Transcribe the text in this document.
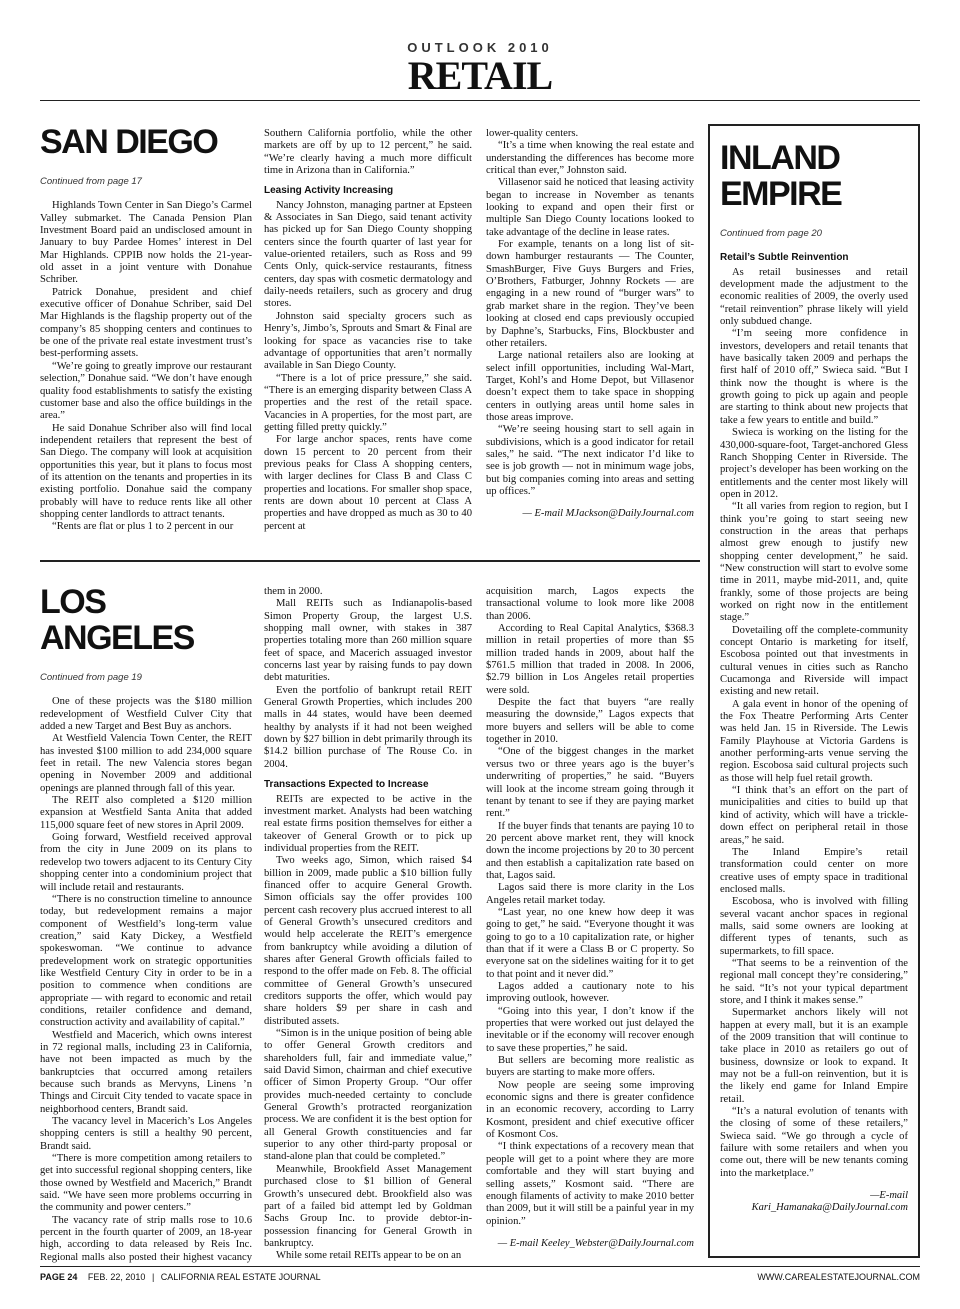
OUTLOOK 2010
RETAIL
SAN DIEGO
Continued from page 17

Highlands Town Center in San Diego’s Carmel Valley submarket. The Canada Pension Plan Investment Board paid an undisclosed amount in January to buy Pardee Homes’ interest in Del Mar Highlands. CPPIB now holds the 21-year-old asset in a joint venture with Donahue Schriber.

Patrick Donahue, president and chief executive officer of Donahue Schriber, said Del Mar Highlands is the flagship property out of the company’s 85 shopping centers and continues to be one of the private real estate investment trust’s best-performing assets.

“We’re going to greatly improve our restaurant selection,” Donahue said. “We don’t have enough quality food establishments to satisfy the existing customer base and also the office buildings in the area.”

He said Donahue Schriber also will find local independent retailers that represent the best of San Diego. The company will look at acquisition opportunities this year, but it plans to focus most of its attention on the tenants and properties in its existing portfolio. Donahue said the company probably will have to reduce rents like all other shopping center landlords to attract tenants.

“Rents are flat or plus 1 to 2 percent in our

Southern California portfolio, while the other markets are off by up to 12 percent,” he said. “We’re clearly having a much more difficult time in Arizona than in California.”

Leasing Activity Increasing

Nancy Johnston, managing partner at Epsteen & Associates in San Diego, said tenant activity has picked up for San Diego County shopping centers since the fourth quarter of last year for value-oriented retailers, such as Ross and 99 Cents Only, quick-service restaurants, fitness centers, day spas with cosmetic dermatology and daily-needs retailers, such as grocery and drug stores.

Johnston said specialty grocers such as Henry’s, Jimbo’s, Sprouts and Smart & Final are looking for space as vacancies rise to take advantage of opportunities that aren’t normally available in San Diego County.

“There is a lot of price pressure,” she said. “There is an emerging disparity between Class A properties and the rest of the retail space. Vacancies in A properties, for the most part, are getting filled pretty quickly.”

For large anchor spaces, rents have come down 15 percent to 20 percent from their previous peaks for Class A shopping centers, with larger declines for Class B and Class C properties and locations. For smaller shop space, rents are down about 10 percent at Class A properties and have dropped as much as 30 to 40 percent at

lower-quality centers.

“It’s a time when knowing the real estate and understanding the differences has become more critical than ever,” Johnston said.

Villasenor said he noticed that leasing activity began to increase in November as tenants looking to expand and open their first or multiple San Diego County locations looked to take advantage of the decline in lease rates.

For example, tenants on a long list of sit-down hamburger restaurants — The Counter, SmashBurger, Five Guys Burgers and Fries, O’Brothers, Fatburger, Johnny Rockets — are engaging in a new round of “burger wars” to grab market share in the region. They’ve been looking at closed end caps previously occupied by Daphne’s, Starbucks, Fins, Blockbuster and other retailers.

Large national retailers also are looking at select infill opportunities, including Wal-Mart, Target, Kohl’s and Home Depot, but Villasenor doesn’t expect them to take space in shopping centers in outlying areas until home sales in those areas improve.

“We’re seeing housing start to sell again in subdivisions, which is a good indicator for retail sales,” he said. “The next indicator I’d like to see is job growth — not in minimum wage jobs, but big companies coming into areas and setting up offices.”

— E-mail MJackson@DailyJournal.com
LOS ANGELES
Continued from page 19

One of these projects was the $180 million redevelopment of Westfield Culver City that added a new Target and Best Buy as anchors.

At Westfield Valencia Town Center, the REIT has invested $100 million to add 234,000 square feet in retail. The new Valencia stores began opening in November 2009 and additional openings are planned through fall of this year.

The REIT also completed a $120 million expansion at Westfield Santa Anita that added 115,000 square feet of new stores in April 2009.

Going forward, Westfield received approval from the city in June 2009 on its plans to redevelop two towers adjacent to its Century City shopping center into a condominium project that will include retail and restaurants.

“There is no construction timeline to announce today, but redevelopment remains a major component of Westfield’s long-term value creation,” said Katy Dickey, a Westfield spokeswoman. “We continue to advance predevelopment work on strategic opportunities like Westfield Century City in order to be in a position to commence when conditions are appropriate — with regard to economic and retail conditions, retailer confidence and demand, construction activity and availability of capital.”

Westfield and Macerich, which owns interest in 72 regional malls, including 23 in California, have not been impacted as much by the bankruptcies that occurred among retailers because such brands as Mervyns, Linens ’n Things and Circuit City tended to vacate space in neighborhood centers, Brandt said.

The vacancy level in Macerich’s Los Angeles shopping centers is still a healthy 90 percent, Brandt said.

“There is more competition among retailers to get into successful regional shopping centers, like those owned by Westfield and Macerich,” Brandt said. “We have seen more problems occurring in the community and power centers.”

The vacancy rate of strip malls rose to 10.6 percent in the fourth quarter of 2009, an 18-year high, according to data released by Reis Inc. Regional malls also posted their highest vacancy

them in 2000.

Mall REITs such as Indianapolis-based Simon Property Group, the largest U.S. shopping mall owner, with stakes in 387 properties totaling more than 260 million square feet of space, and Macerich assuaged investor concerns last year by raising funds to pay down debt maturities.

Even the portfolio of bankrupt retail REIT General Growth Properties, which includes 200 malls in 44 states, would have been deemed healthy by analysts if it had not been weighed down by $27 billion in debt primarily through its $14.2 billion purchase of The Rouse Co. in 2004.

Transactions Expected to Increase

REITs are expected to be active in the investment market. Analysts had been watching real estate firms position themselves for either a takeover of General Growth or to pick up individual properties from the REIT.

Two weeks ago, Simon, which raised $4 billion in 2009, made public a $10 billion fully financed offer to acquire General Growth. Simon officials say the offer provides 100 percent cash recovery plus accrued interest to all of General Growth’s unsecured creditors and would help accelerate the REIT’s emergence from bankruptcy while avoiding a dilution of shares after General Growth officials failed to respond to the offer made on Feb. 8. The official committee of General Growth’s unsecured creditors supports the offer, which would pay share holders $9 per share in cash and distributed assets.

“Simon is in the unique position of being able to offer General Growth creditors and shareholders full, fair and immediate value,” said David Simon, chairman and chief executive officer of Simon Property Group. “Our offer provides much-needed certainty to conclude General Growth’s protracted reorganization process. We are confident it is the best option for all General Growth constituencies and far superior to any other third-party proposal or stand-alone plan that could be completed.”

Meanwhile, Brookfield Asset Management purchased close to $1 billion of General Growth’s unsecured debt. Brookfield also was part of a failed bid attempt led by Goldman Sachs Group Inc. to provide debtor-in-possession financing for General Growth in bankruptcy.

While some retail REITs appear to be on an

acquisition march, Lagos expects the transactional volume to look more like 2008 than 2006.

According to Real Capital Analytics, $368.3 million in retail properties of more than $5 million traded hands in 2009, about half the $761.5 million that traded in 2008. In 2006, $2.79 billion in Los Angeles retail properties were sold.

Despite the fact that buyers “are really measuring the downside,” Lagos expects that more buyers and sellers will be able to come together in 2010.

“One of the biggest changes in the market versus two or three years ago is the buyer’s underwriting of properties,” he said. “Buyers will look at the income stream going through it tenant by tenant to see if they are paying market rent.”

If the buyer finds that tenants are paying 10 to 20 percent above market rent, they will knock down the income projections by 20 to 30 percent and then establish a capitalization rate based on that, Lagos said.

Lagos said there is more clarity in the Los Angeles retail market today.

“Last year, no one knew how deep it was going to get,” he said. “Everyone thought it was going to go to a 10 capitalization rate, or higher than that if it were a Class B or C property. So everyone sat on the sidelines waiting for it to get to that point and it never did.”

Lagos added a cautionary note to his improving outlook, however.

“Going into this year, I don’t know if the properties that were worked out just delayed the inevitable or if the economy will recover enough to save these properties,” he said.

But sellers are becoming more realistic as buyers are starting to make more offers.

Now people are seeing some improving economic signs and there is greater confidence in an economic recovery, according to Larry Kosmont, president and chief executive officer of Kosmont Cos.

“I think expectations of a recovery mean that people will get to a point where they are more comfortable and they will start buying and selling assets,” Kosmont said. “There are enough filaments of activity to make 2010 better than 2009, but it will still be a painful year in my opinion.”

— E-mail Keeley_Webster@DailyJournal.com
INLAND
EMPIRE
Continued from page 20

Retail’s Subtle Reinvention

As retail businesses and retail development made the adjustment to the economic realities of 2009, the overly used “retail reinvention” phrase likely will yield only subdued change.

“I’m seeing more confidence in investors, developers and retail tenants that have basically taken 2009 and perhaps the first half of 2010 off,” Swieca said. “But I think now the thought is where is the growth going to pick up again and people are starting to think about new projects that take a few years to entitle and build.”

Swieca is working on the listing for the 430,000-square-foot, Target-anchored Gless Ranch Shopping Center in Riverside. The project’s developer has been working on the entitlements and the center most likely will open in 2012.

“It all varies from region to region, but I think you’re going to start seeing new construction in the areas that perhaps almost grew enough to justify new shopping center development,” he said. “New construction will start to evolve some time in 2011, maybe mid-2011, and, quite frankly, some of those projects are being worked on right now in the entitlement stage.”

Dovetailing off the complete-community concept Ontario is marketing for itself, Escobosa pointed out that investments in cultural venues in cities such as Rancho Cucamonga and Riverside will impact existing and new retail.

A gala event in honor of the opening of the Fox Theatre Performing Arts Center was held Jan. 15 in Riverside. The Lewis Family Playhouse at Victoria Gardens is another performing-arts venue serving the region. Escobosa said cultural projects such as those will help fuel retail growth.

“I think that’s an effort on the part of municipalities and cities to build up that kind of activity, which will have a trickle-down effect on peripheral retail in those areas,” he said.

The Inland Empire’s retail transformation could center on more creative uses of empty space in traditional enclosed malls.

Escobosa, who is involved with filling several vacant anchor spaces in regional malls, said some owners are looking at different types of tenants, such as supermarkets, to fill space.

“That seems to be a reinvention of the regional mall concept they’re considering,” he said. “It’s not your typical department store, and I think it makes sense.”

Supermarket anchors likely will not happen at every mall, but it is an example of the 2009 transition that will continue to take place in 2010 as retailers go out of business, downsize or look to expand. It may not be a full-on reinvention, but it is the likely end game for Inland Empire retail.

“It’s a natural evolution of tenants with the closing of some of these retailers,” Swieca said. “We go through a cycle of failure with some retailers and when you come out, there will be new tenants coming into the marketplace.”

—E-mail Kari_Hamanaka@DailyJournal.com
PAGE 24 FEB. 22, 2010 | CALIFORNIA REAL ESTATE JOURNAL	WWW.CAREALESTATEJOURNAL.COM
